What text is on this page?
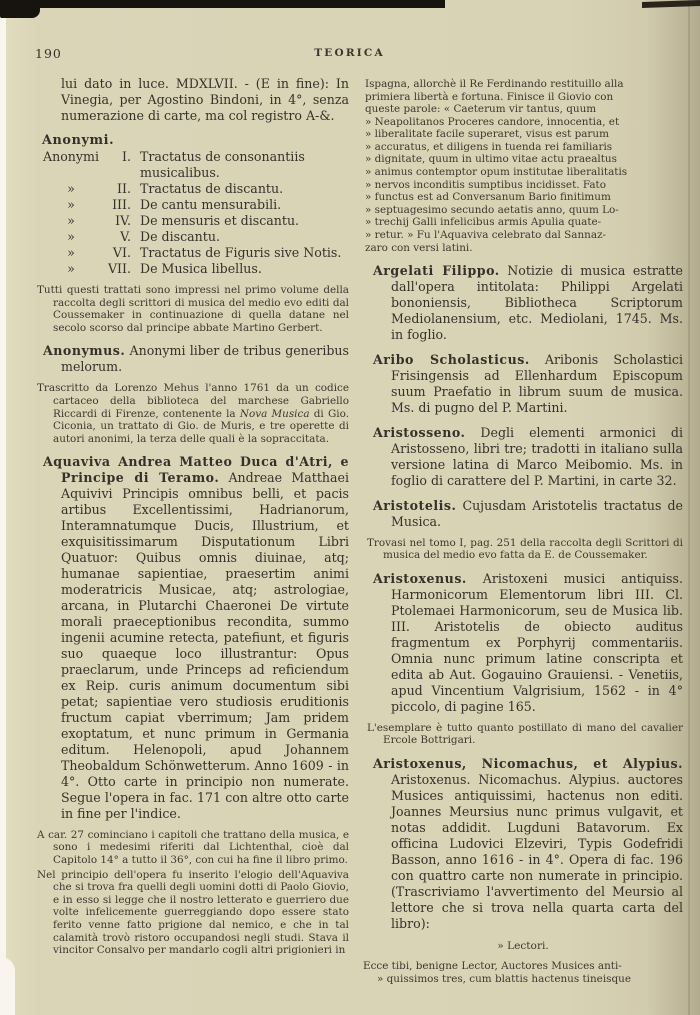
190	TEORICA

lui dato in luce. MDXLVII. - (E in fine): In Vinegia, per Agostino Bindoni, in 4°, senza numerazione di carte, ma col registro A-&.

Anonymi.

Anonymi	I. Tractatus de consonantiis musicalibus.
»	II. Tractatus de discantu.
»	III. De cantu mensurabili.
»	IV. De mensuris et discantu.
»	V. De discantu.
»	VI. Tractatus de Figuris sive Notis.
»	VII. De Musica libellus.

Tutti questi trattati sono impressi nel primo volume della raccolta degli scrittori di musica del medio evo editi dal Coussemaker in continuazione di quella datane nel secolo scorso dal principe abbate Martino Gerbert.

Anonymus. Anonymi liber de tribus generibus melorum.

Trascritto da Lorenzo Mehus l'anno 1761 da un codice cartaceo della biblioteca del marchese Gabriello Riccardi di Firenze, contenente la Nova Musica di Gio. Ciconia, un trattato di Gio. de Muris, e tre operette di autori anonimi, la terza delle quali è la sopraccitata.

Aquaviva Andrea Matteo Duca d'Atri, e Principe di Teramo. Andreae Matthaei Aquivivi Principis omnibus belli, et pacis artibus Excellentissimi, Hadrianorum, Interamnatumque Ducis, Illustrium, et exquisitissimarum Disputationum Libri Quatuor: Quibus omnis diuinae, atq; humanae sapientiae, praesertim animi moderatricis Musicae, atq; astrologiae, arcana, in Plutarchi Chaeronei De virtute morali praeceptionibus recondita, summo ingenii acumine retecta, patefiunt, et figuris suo quaeque loco illustrantur: Opus praeclarum, unde Princeps ad reficiendum ex Reip. curis animum documentum sibi petat; sapientiae vero studiosis eruditionis fructum capiat vberrimum; Jam pridem exoptatum, et nunc primum in Germania editum. Helenopoli, apud Johannem Theobaldum Schönwetterum. Anno 1609 - in 4°. Otto carte in principio non numerate. Segue l'opera in fac. 171 con altre otto carte in fine per l'indice.

A car. 27 cominciano i capitoli che trattano della musica, e sono i medesimi riferiti dal Lichtenthal, cioè dal Capitolo 14° a tutto il 36°, con cui ha fine il libro primo.

Nel principio dell'opera fu inserito l'elogio dell'Aquaviva che si trova fra quelli degli uomini dotti di Paolo Giovio, e in esso si legge che il nostro letterato e guerriero due volte infelicemente guerreggiando dopo essere stato ferito venne fatto prigione dal nemico, e che in tal calamità trovò ristoro occupandosi negli studi. Stava il vincitor Consalvo per mandarlo cogli altri prigionieri in

Ispagna, allorchè il Re Ferdinando restituillo alla
primiera libertà e fortuna. Finisce il Giovio con
queste parole: « Caeterum vir tantus, quum
» Neapolitanos Proceres candore, innocentia, et
» liberalitate facile superaret, visus est parum
» accuratus, et diligens in tuenda rei familiaris
» dignitate, quum in ultimo vitae actu praealtus
» animus contemptor opum institutae liberalitatis
» nervos inconditis sumptibus incidisset. Fato
» functus est ad Conversanum Bario finitimum
» septuagesimo secundo aetatis anno, quum Lo-
» trechij Galli infelicibus armis Apulia quate-
» retur. » Fu l'Aquaviva celebrato dal Sannaz-
zaro con versi latini.

Argelati Filippo. Notizie di musica estratte dall'opera intitolata: Philippi Argelati bononiensis, Bibliotheca Scriptorum Mediolanensium, etc. Mediolani, 1745. Ms. in foglio.

Aribo Scholasticus. Aribonis Scholastici Frisingensis ad Ellenhardum Episcopum suum Praefatio in librum suum de musica. Ms. di pugno del P. Martini.

Aristosseno. Degli elementi armonici di Aristosseno, libri tre; tradotti in italiano sulla versione latina di Marco Meibomio. Ms. in foglio di carattere del P. Martini, in carte 32.

Aristotelis. Cujusdam Aristotelis tractatus de Musica.

Trovasi nel tomo I, pag. 251 della raccolta degli Scrittori di musica del medio evo fatta da E. de Coussemaker.

Aristoxenus. Aristoxeni musici antiquiss. Harmonicorum Elementorum libri III. Cl. Ptolemaei Harmonicorum, seu de Musica lib. III. Aristotelis de obiecto auditus fragmentum ex Porphyrij commentariis. Omnia nunc primum latine conscripta et edita ab Aut. Gogauino Grauiensi. - Venetiis, apud Vincentium Valgrisium, 1562 - in 4° piccolo, di pagine 165.

L'esemplare è tutto quanto postillato di mano del cavalier Ercole Bottrigari.

Aristoxenus, Nicomachus, et Alypius. Aristoxenus. Nicomachus. Alypius. auctores Musices antiquissimi, hactenus non editi. Joannes Meursius nunc primus vulgavit, et notas addidit. Lugduni Batavorum. Ex officina Ludovici Elzeviri, Typis Godefridi Basson, anno 1616 - in 4°. Opera di fac. 196 con quattro carte non numerate in principio. (Trascriviamo l'avvertimento del Meursio al lettore che si trova nella quarta carta del libro):

» Lectori.

Ecce tibi, benigne Lector, Auctores Musices anti-
» quissimos tres, cum blattis hactenus tineisque
